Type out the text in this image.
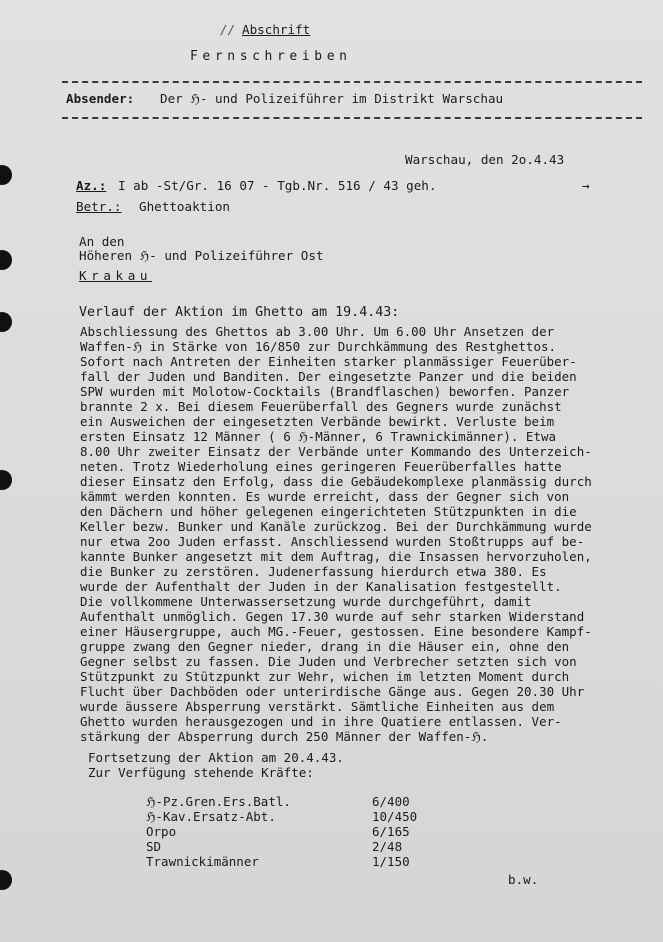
// Abschrift
Fernschreiben
Absender: Der ℌ- und Polizeiführer im Distrikt Warschau
Warschau, den 2o.4.43
Az.: I ab -St/Gr. 16 07 - Tgb.Nr. 516 / 43 geh.	→
Betr.: Ghettoaktion
An den
Höheren ℌ- und Polizeiführer Ost
Krakau
Verlauf der Aktion im Ghetto am 19.4.43:
Abschliessung des Ghettos ab 3.00 Uhr. Um 6.00 Uhr Ansetzen der
Waffen-ℌ in Stärke von 16/850 zur Durchkämmung des Restghettos.
Sofort nach Antreten der Einheiten starker planmässiger Feuerüber-
fall der Juden und Banditen. Der eingesetzte Panzer und die beiden
SPW wurden mit Molotow-Cocktails (Brandflaschen) beworfen. Panzer
brannte 2 x. Bei diesem Feuerüberfall des Gegners wurde zunächst
ein Ausweichen der eingesetzten Verbände bewirkt. Verluste beim
ersten Einsatz 12 Männer ( 6 ℌ-Männer, 6 Trawnickimänner). Etwa
8.00 Uhr zweiter Einsatz der Verbände unter Kommando des Unterzeich-
neten. Trotz Wiederholung eines geringeren Feuerüberfalles hatte
dieser Einsatz den Erfolg, dass die Gebäudekomplexe planmässig durch
kämmt werden konnten. Es wurde erreicht, dass der Gegner sich von
den Dächern und höher gelegenen eingerichteten Stützpunkten in die
Keller bezw. Bunker und Kanäle zurückzog. Bei der Durchkämmung wurde
nur etwa 2oo Juden erfasst. Anschliessend wurden Stoßtrupps auf be-
kannte Bunker angesetzt mit dem Auftrag, die Insassen hervorzuholen,
die Bunker zu zerstören. Judenerfassung hierdurch etwa 380. Es
wurde der Aufenthalt der Juden in der Kanalisation festgestellt.
Die vollkommene Unterwassersetzung wurde durchgeführt, damit
Aufenthalt unmöglich. Gegen 17.30 wurde auf sehr starken Widerstand
einer Häusergruppe, auch MG.-Feuer, gestossen. Eine besondere Kampf-
gruppe zwang den Gegner nieder, drang in die Häuser ein, ohne den
Gegner selbst zu fassen. Die Juden und Verbrecher setzten sich von
Stützpunkt zu Stützpunkt zur Wehr, wichen im letzten Moment durch
Flucht über Dachböden oder unterirdische Gänge aus. Gegen 20.30 Uhr
wurde äussere Absperrung verstärkt. Sämtliche Einheiten aus dem
Ghetto wurden herausgezogen und in ihre Quatiere entlassen. Ver-
stärkung der Absperrung durch 250 Männer der Waffen-ℌ.
Fortsetzung der Aktion am 20.4.43.
Zur Verfügung stehende Kräfte:
ℌ-Pz.Gren.Ers.Batl.	6/400
ℌ-Kav.Ersatz-Abt.	10/450
Orpo	6/165
SD	2/48
Trawnickimänner	1/150
b.w.
